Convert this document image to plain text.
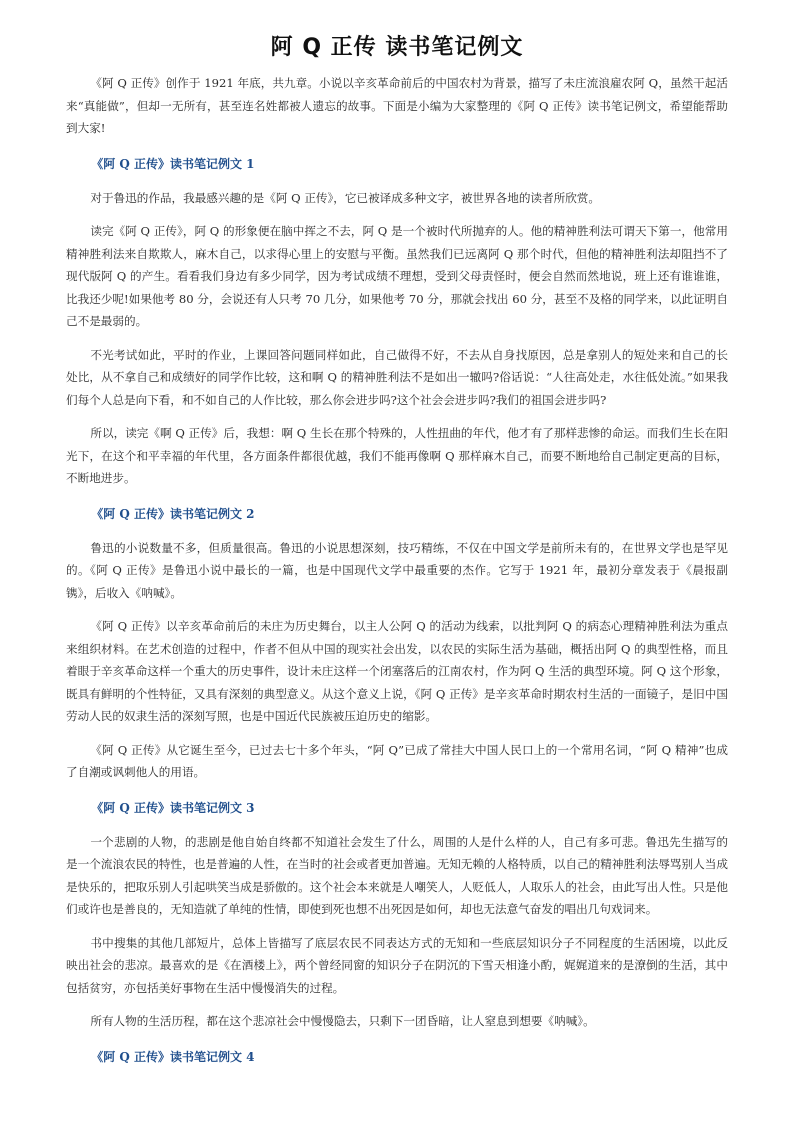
阿 Q 正传 读书笔记例文

《阿 Q 正传》创作于 1921 年底，共九章。小说以辛亥革命前后的中国农村为背景，描写了未庄流浪雇农阿 Q，虽然干起活来“真能做”，但却一无所有，甚至连名姓都被人遗忘的故事。下面是小编为大家整理的《阿 Q 正传》读书笔记例文，希望能帮助到大家!

《阿 Q 正传》读书笔记例文 1

对于鲁迅的作品，我最感兴趣的是《阿 Q 正传》，它已被译成多种文字，被世界各地的读者所欣赏。

读完《阿 Q 正传》，阿 Q 的形象便在脑中挥之不去，阿 Q 是一个被时代所抛弃的人。他的精神胜利法可谓天下第一，他常用精神胜利法来自欺欺人，麻木自己，以求得心里上的安慰与平衡。虽然我们已远离阿 Q 那个时代，但他的精神胜利法却阻挡不了现代版阿 Q 的产生。看看我们身边有多少同学，因为考试成绩不理想，受到父母责怪时，便会自然而然地说，班上还有谁谁谁，比我还少呢!如果他考 80 分，会说还有人只考 70 几分，如果他考 70 分，那就会找出 60 分，甚至不及格的同学来，以此证明自己不是最弱的。

不光考试如此，平时的作业，上课回答问题同样如此，自己做得不好，不去从自身找原因，总是拿别人的短处来和自己的长处比，从不拿自己和成绩好的同学作比较，这和啊 Q 的精神胜利法不是如出一辙吗?俗话说：“人往高处走，水往低处流。”如果我们每个人总是向下看，和不如自己的人作比较，那么你会进步吗?这个社会会进步吗?我们的祖国会进步吗?

所以，读完《啊 Q 正传》后，我想：啊 Q 生长在那个特殊的，人性扭曲的年代，他才有了那样悲惨的命运。而我们生长在阳光下，在这个和平幸福的年代里，各方面条件都很优越，我们不能再像啊 Q 那样麻木自己，而要不断地给自己制定更高的目标，不断地进步。

《阿 Q 正传》读书笔记例文 2

鲁迅的小说数量不多，但质量很高。鲁迅的小说思想深刻，技巧精练，不仅在中国文学是前所未有的，在世界文学也是罕见的。《阿 Q 正传》是鲁迅小说中最长的一篇，也是中国现代文学中最重要的杰作。它写于 1921 年，最初分章发表于《晨报副镌》，后收入《呐喊》。

《阿 Q 正传》以辛亥革命前后的未庄为历史舞台，以主人公阿 Q 的活动为线索，以批判阿 Q 的病态心理精神胜利法为重点来组织材料。在艺术创造的过程中，作者不但从中国的现实社会出发，以农民的实际生活为基础，概括出阿 Q 的典型性格，而且着眼于辛亥革命这样一个重大的历史事件，设计未庄这样一个闭塞落后的江南农村，作为阿 Q 生活的典型环境。阿 Q 这个形象，既具有鲜明的个性特征，又具有深刻的典型意义。从这个意义上说，《阿 Q 正传》是辛亥革命时期农村生活的一面镜子，是旧中国劳动人民的奴隶生活的深刻写照，也是中国近代民族被压迫历史的缩影。

《阿 Q 正传》从它诞生至今，已过去七十多个年头，“阿 Q”已成了常挂大中国人民口上的一个常用名词，“阿 Q 精神”也成了自潮或讽刺他人的用语。

《阿 Q 正传》读书笔记例文 3

一个悲剧的人物，的悲剧是他自始自终都不知道社会发生了什么，周围的人是什么样的人，自己有多可悲。鲁迅先生描写的是一个流浪农民的特性，也是普遍的人性，在当时的社会或者更加普遍。无知无赖的人格特质，以自己的精神胜利法辱骂别人当成是快乐的，把取乐别人引起哄笑当成是骄傲的。这个社会本来就是人嘲笑人，人贬低人，人取乐人的社会，由此写出人性。只是他们或许也是善良的，无知造就了单纯的性情，即使到死也想不出死因是如何，却也无法意气奋发的唱出几句戏词来。

书中搜集的其他几部短片，总体上皆描写了底层农民不同表达方式的无知和一些底层知识分子不同程度的生活困境，以此反映出社会的悲凉。最喜欢的是《在酒楼上》，两个曾经同窗的知识分子在阴沉的下雪天相逢小酌，娓娓道来的是潦倒的生活，其中包括贫穷，亦包括美好事物在生活中慢慢消失的过程。

所有人物的生活历程，都在这个悲凉社会中慢慢隐去，只剩下一团昏暗，让人窒息到想要《呐喊》。

《阿 Q 正传》读书笔记例文 4
